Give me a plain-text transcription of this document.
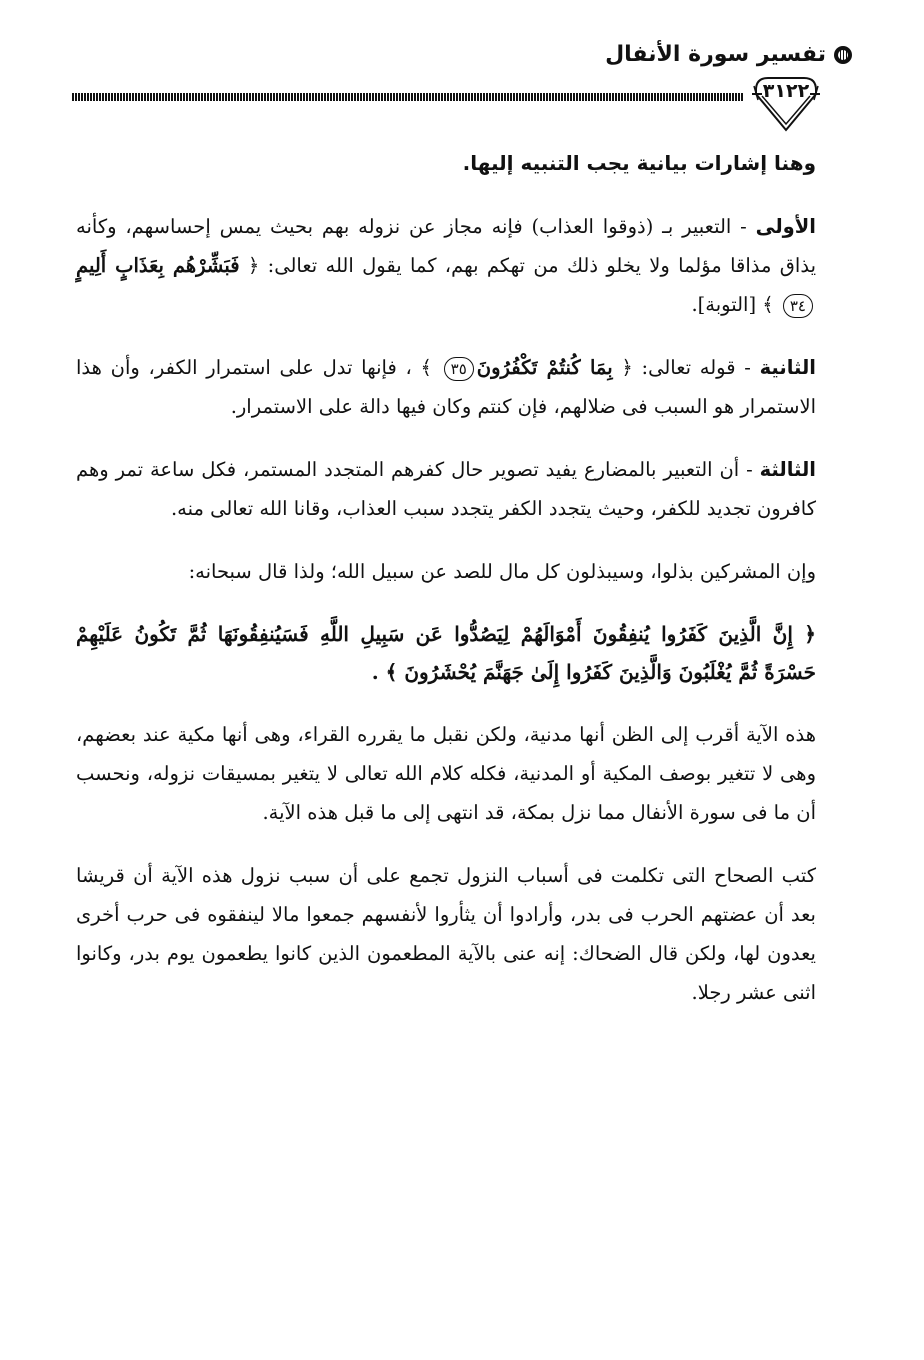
تفسير سورة الأنفال
٣١٢٢

وهنا إشارات بيانية يجب التنبيه إليها.

الأولى - التعبير بـ (ذوقوا العذاب) فإنه مجاز عن نزوله بهم بحيث يمس إحساسهم، وكأنه يذاق مذاقا مؤلما ولا يخلو ذلك من تهكم بهم، كما يقول الله تعالى: ﴿ فَبَشِّرْهُم بِعَذَابٍ أَلِيمٍ٣٤ ﴾ [التوبة].

الثانية - قوله تعالى: ﴿ بِمَا كُنتُمْ تَكْفُرُونَ٣٥ ﴾ ، فإنها تدل على استمرار الكفر، وأن هذا الاستمرار هو السبب فى ضلالهم، فإن كنتم وكان فيها دالة على الاستمرار.

الثالثة - أن التعبير بالمضارع يفيد تصوير حال كفرهم المتجدد المستمر، فكل ساعة تمر وهم كافرون تجديد للكفر، وحيث يتجدد الكفر يتجدد سبب العذاب، وقانا الله تعالى منه.

وإن المشركين بذلوا، وسيبذلون كل مال للصد عن سبيل الله؛ ولذا قال سبحانه:

﴿ إِنَّ الَّذِينَ كَفَرُوا يُنفِقُونَ أَمْوَالَهُمْ لِيَصُدُّوا عَن سَبِيلِ اللَّهِ فَسَيُنفِقُونَهَا ثُمَّ تَكُونُ عَلَيْهِمْ حَسْرَةً ثُمَّ يُغْلَبُونَ وَالَّذِينَ كَفَرُوا إِلَىٰ جَهَنَّمَ يُحْشَرُونَ ﴾ .

هذه الآية أقرب إلى الظن أنها مدنية، ولكن نقبل ما يقرره القراء، وهى أنها مكية عند بعضهم، وهى لا تتغير بوصف المكية أو المدنية، فكله كلام الله تعالى لا يتغير بمسيقات نزوله، ونحسب أن ما فى سورة الأنفال مما نزل بمكة، قد انتهى إلى ما قبل هذه الآية.

كتب الصحاح التى تكلمت فى أسباب النزول تجمع على أن سبب نزول هذه الآية أن قريشا بعد أن عضتهم الحرب فى بدر، وأرادوا أن يثأروا لأنفسهم جمعوا مالا لينفقوه فى حرب أخرى يعدون لها، ولكن قال الضحاك: إنه عنى بالآية المطعمون الذين كانوا يطعمون يوم بدر، وكانوا اثنى عشر رجلا.
